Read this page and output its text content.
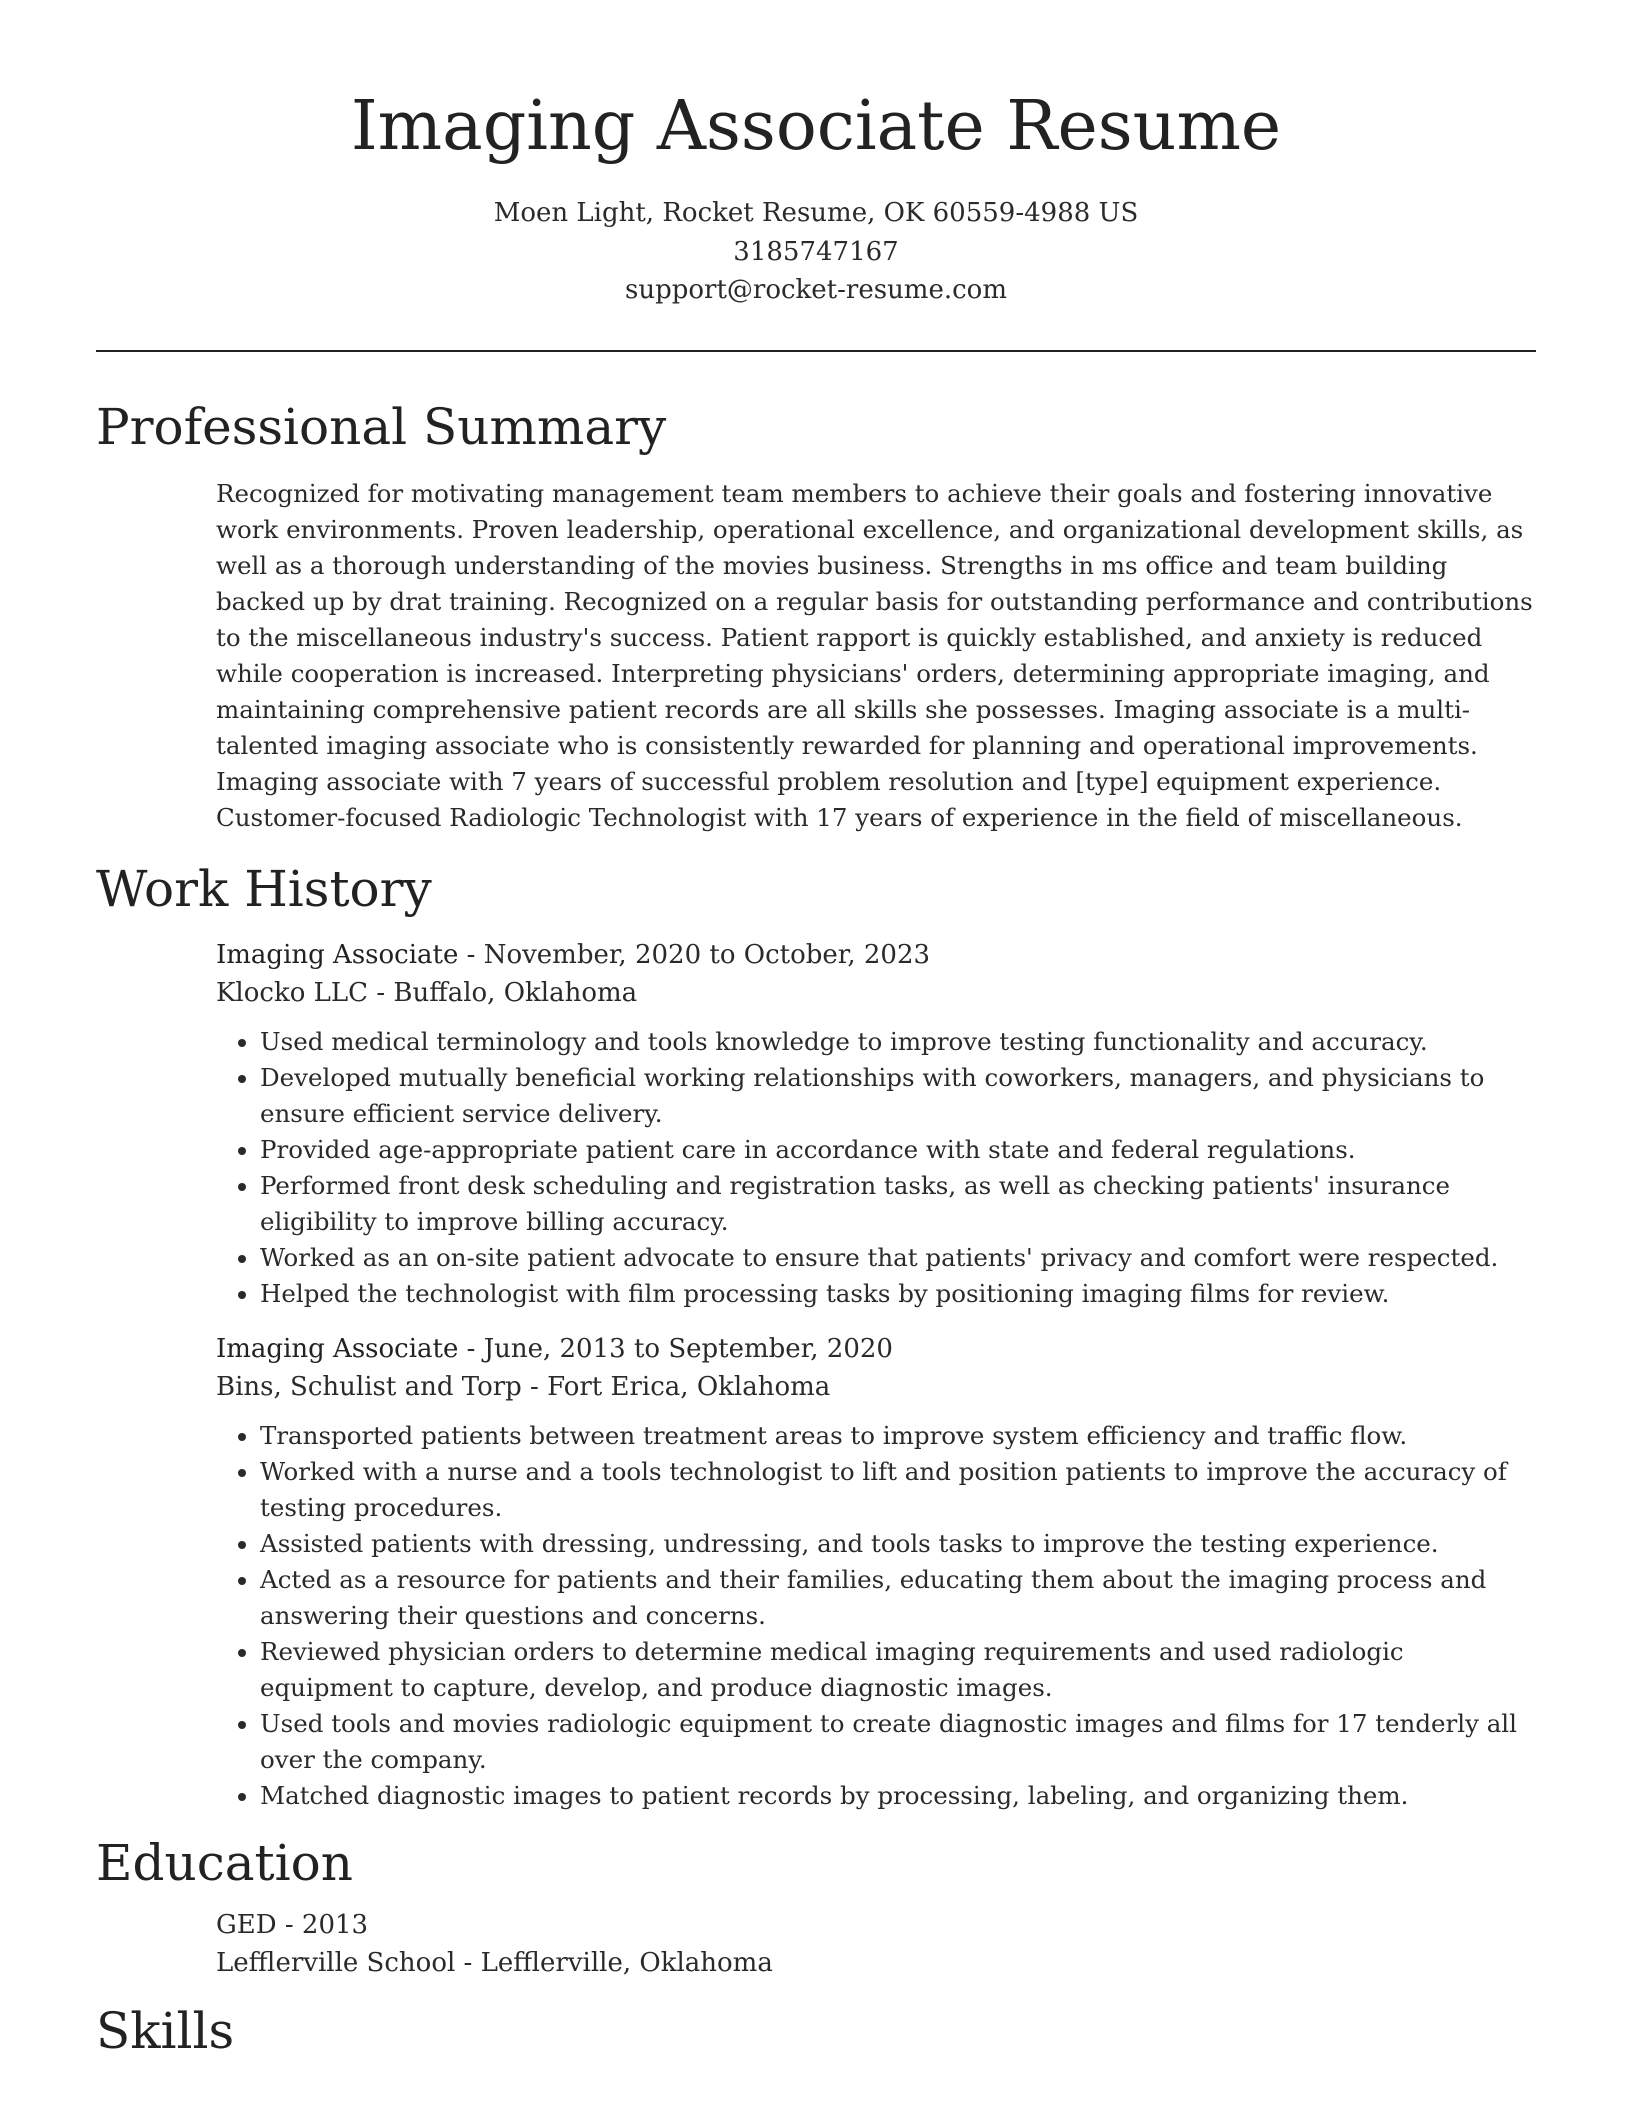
Imaging Associate Resume
Moen Light, Rocket Resume, OK 60559-4988 US
3185747167
support@rocket-resume.com
Professional Summary
Recognized for motivating management team members to achieve their goals and fostering innovative work environments. Proven leadership, operational excellence, and organizational development skills, as well as a thorough understanding of the movies business. Strengths in ms office and team building backed up by drat training. Recognized on a regular basis for outstanding performance and contributions to the miscellaneous industry's success. Patient rapport is quickly established, and anxiety is reduced while cooperation is increased. Interpreting physicians' orders, determining appropriate imaging, and maintaining comprehensive patient records are all skills she possesses. Imaging associate is a multi-talented imaging associate who is consistently rewarded for planning and operational improvements. Imaging associate with 7 years of successful problem resolution and [type] equipment experience. Customer-focused Radiologic Technologist with 17 years of experience in the field of miscellaneous.
Work History
Imaging Associate - November, 2020 to October, 2023
Klocko LLC - Buffalo, Oklahoma
• Used medical terminology and tools knowledge to improve testing functionality and accuracy.
• Developed mutually beneficial working relationships with coworkers, managers, and physicians to ensure efficient service delivery.
• Provided age-appropriate patient care in accordance with state and federal regulations.
• Performed front desk scheduling and registration tasks, as well as checking patients' insurance eligibility to improve billing accuracy.
• Worked as an on-site patient advocate to ensure that patients' privacy and comfort were respected.
• Helped the technologist with film processing tasks by positioning imaging films for review.
Imaging Associate - June, 2013 to September, 2020
Bins, Schulist and Torp - Fort Erica, Oklahoma
• Transported patients between treatment areas to improve system efficiency and traffic flow.
• Worked with a nurse and a tools technologist to lift and position patients to improve the accuracy of testing procedures.
• Assisted patients with dressing, undressing, and tools tasks to improve the testing experience.
• Acted as a resource for patients and their families, educating them about the imaging process and answering their questions and concerns.
• Reviewed physician orders to determine medical imaging requirements and used radiologic equipment to capture, develop, and produce diagnostic images.
• Used tools and movies radiologic equipment to create diagnostic images and films for 17 tenderly all over the company.
• Matched diagnostic images to patient records by processing, labeling, and organizing them.
Education
GED - 2013
Lefflerville School - Lefflerville, Oklahoma
Skills
